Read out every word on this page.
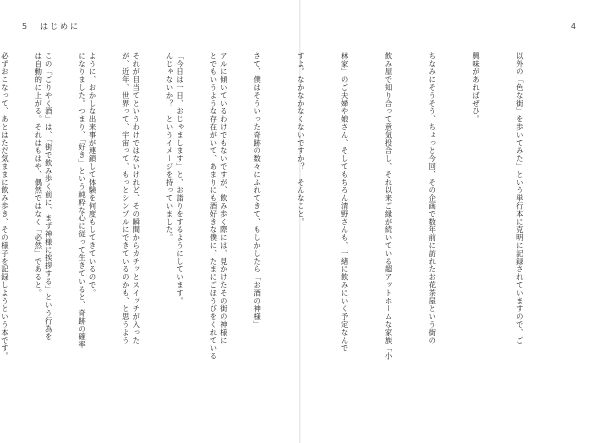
5 はじめに	4

以外の「色な街」を歩いてみた」という単行本に克明に記録されていますので、ご

興味があればぜひ。

ちなみにそうそう、ちょっと今回、その企画で数年前に訪れたお花茶屋という街の

飲み屋で知り合って意気投合し、それ以来ご縁が続いている超アットホームな家族「小

林家」のご夫婦や娘さん、そしてもちろん清野さんも、一緒に飲みにいく予定なんで

すよ。なかなかなくないですか？　そんなこと。

さて、僕はそういった奇跡の数々にふれてきて、もしかしたら「お酒の神様」

とでもいうような存在がいて、あまりにも酒好きな僕に、たまにごほうびをくれている

んじゃないか？　というイメージを持っていました。

が、近年、世界って、宇宙って、もっとシンプルにできているのかも、と思うよう

になりました。つまり、「好き」という純粋な心に従って生きていると、奇跡の確率

は自動的に上がる。それはもはや、偶然ではなく「必然」であると。

	アルに傾いているわけでもないですが、飲み歩く際には、見かけたその街の神様に

「今日は一日、おじゃまします」と、お詣りをするようにしています。

それが目当てというわけではないけれど、その瞬間からカチッとスイッチが入った

ように、おかしな出来事が連鎖して体験を何度もしてきているので。

この「ごりやく酒」は、「街で飲み歩く前に、まず神様に挨拶する」という行為を

必ずおこなって、あとはただ気ままに飲み歩き、その様子を記録しようという本です。
